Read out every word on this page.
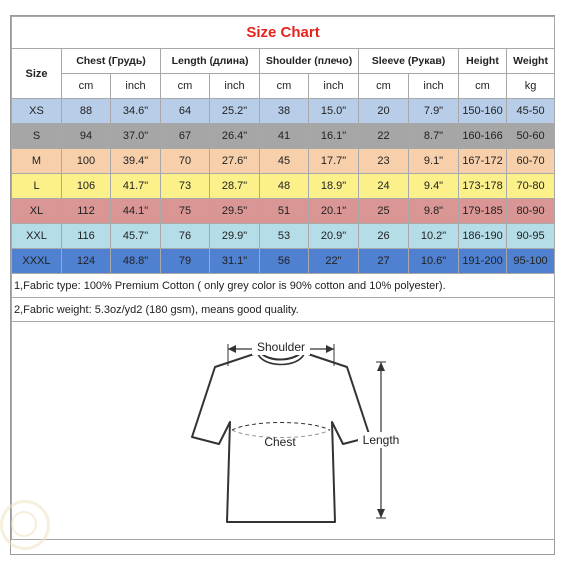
Size Chart										
Size	Chest (Грудь)		Length (длина)		Shoulder (плечо)		Sleeve (Рукав)		Height	Weight
	cm	inch	cm	inch	cm	inch	cm	inch	cm	kg
XS	88	34.6"	64	25.2"	38	15.0"	20	7.9"	150-160	45-50
S	94	37.0"	67	26.4"	41	16.1"	22	8.7"	160-166	50-60
M	100	39.4"	70	27.6"	45	17.7"	23	9.1"	167-172	60-70
L	106	41.7"	73	28.7"	48	18.9"	24	9.4"	173-178	70-80
XL	112	44.1"	75	29.5"	51	20.1"	25	9.8"	179-185	80-90
XXL	116	45.7"	76	29.9"	53	20.9"	26	10.2"	186-190	90-95
XXXL	124	48.8"	79	31.1"	56	22"	27	10.6"	191-200	95-100
1,Fabric type: 100% Premium Cotton ( only grey color is 90% cotton and 10% polyester).										
2,Fabric weight: 5.3oz/yd2 (180 gsm), means good quality.										

Shoulder
Chest Length										
